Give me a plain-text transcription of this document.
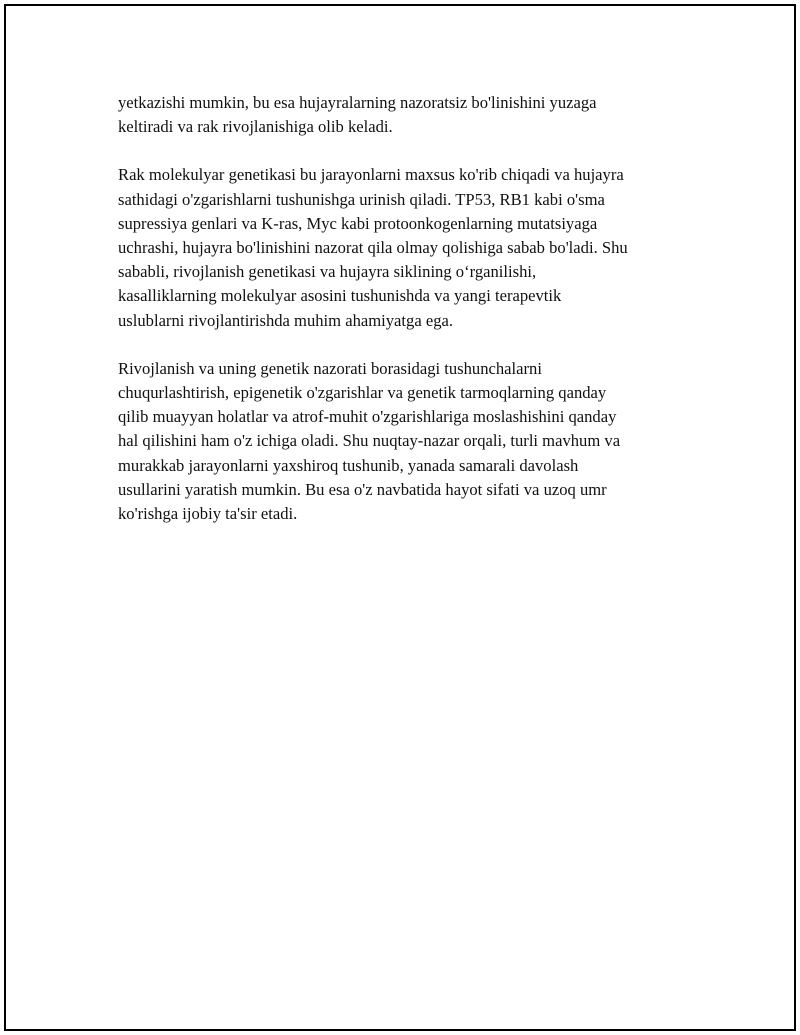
yetkazishi mumkin, bu esa hujayralarning nazoratsiz bo'linishini yuzaga
keltiradi va rak rivojlanishiga olib keladi.

Rak molekulyar genetikasi bu jarayonlarni maxsus ko'rib chiqadi va hujayra
sathidagi o'zgarishlarni tushunishga urinish qiladi. TP53, RB1 kabi o'sma
supressiya genlari va K-ras, Myc kabi protoonkogenlarning mutatsiyaga
uchrashi, hujayra bo'linishini nazorat qila olmay qolishiga sabab bo'ladi. Shu
sababli, rivojlanish genetikasi va hujayra siklining o‘rganilishi,
kasalliklarning molekulyar asosini tushunishda va yangi terapevtik
uslublarni rivojlantirishda muhim ahamiyatga ega.

Rivojlanish va uning genetik nazorati borasidagi tushunchalarni
chuqurlashtirish, epigenetik o'zgarishlar va genetik tarmoqlarning qanday
qilib muayyan holatlar va atrof-muhit o'zgarishlariga moslashishini qanday
hal qilishini ham o'z ichiga oladi. Shu nuqtay-nazar orqali, turli mavhum va
murakkab jarayonlarni yaxshiroq tushunib, yanada samarali davolash
usullarini yaratish mumkin. Bu esa o'z navbatida hayot sifati va uzoq umr
ko'rishga ijobiy ta'sir etadi.
